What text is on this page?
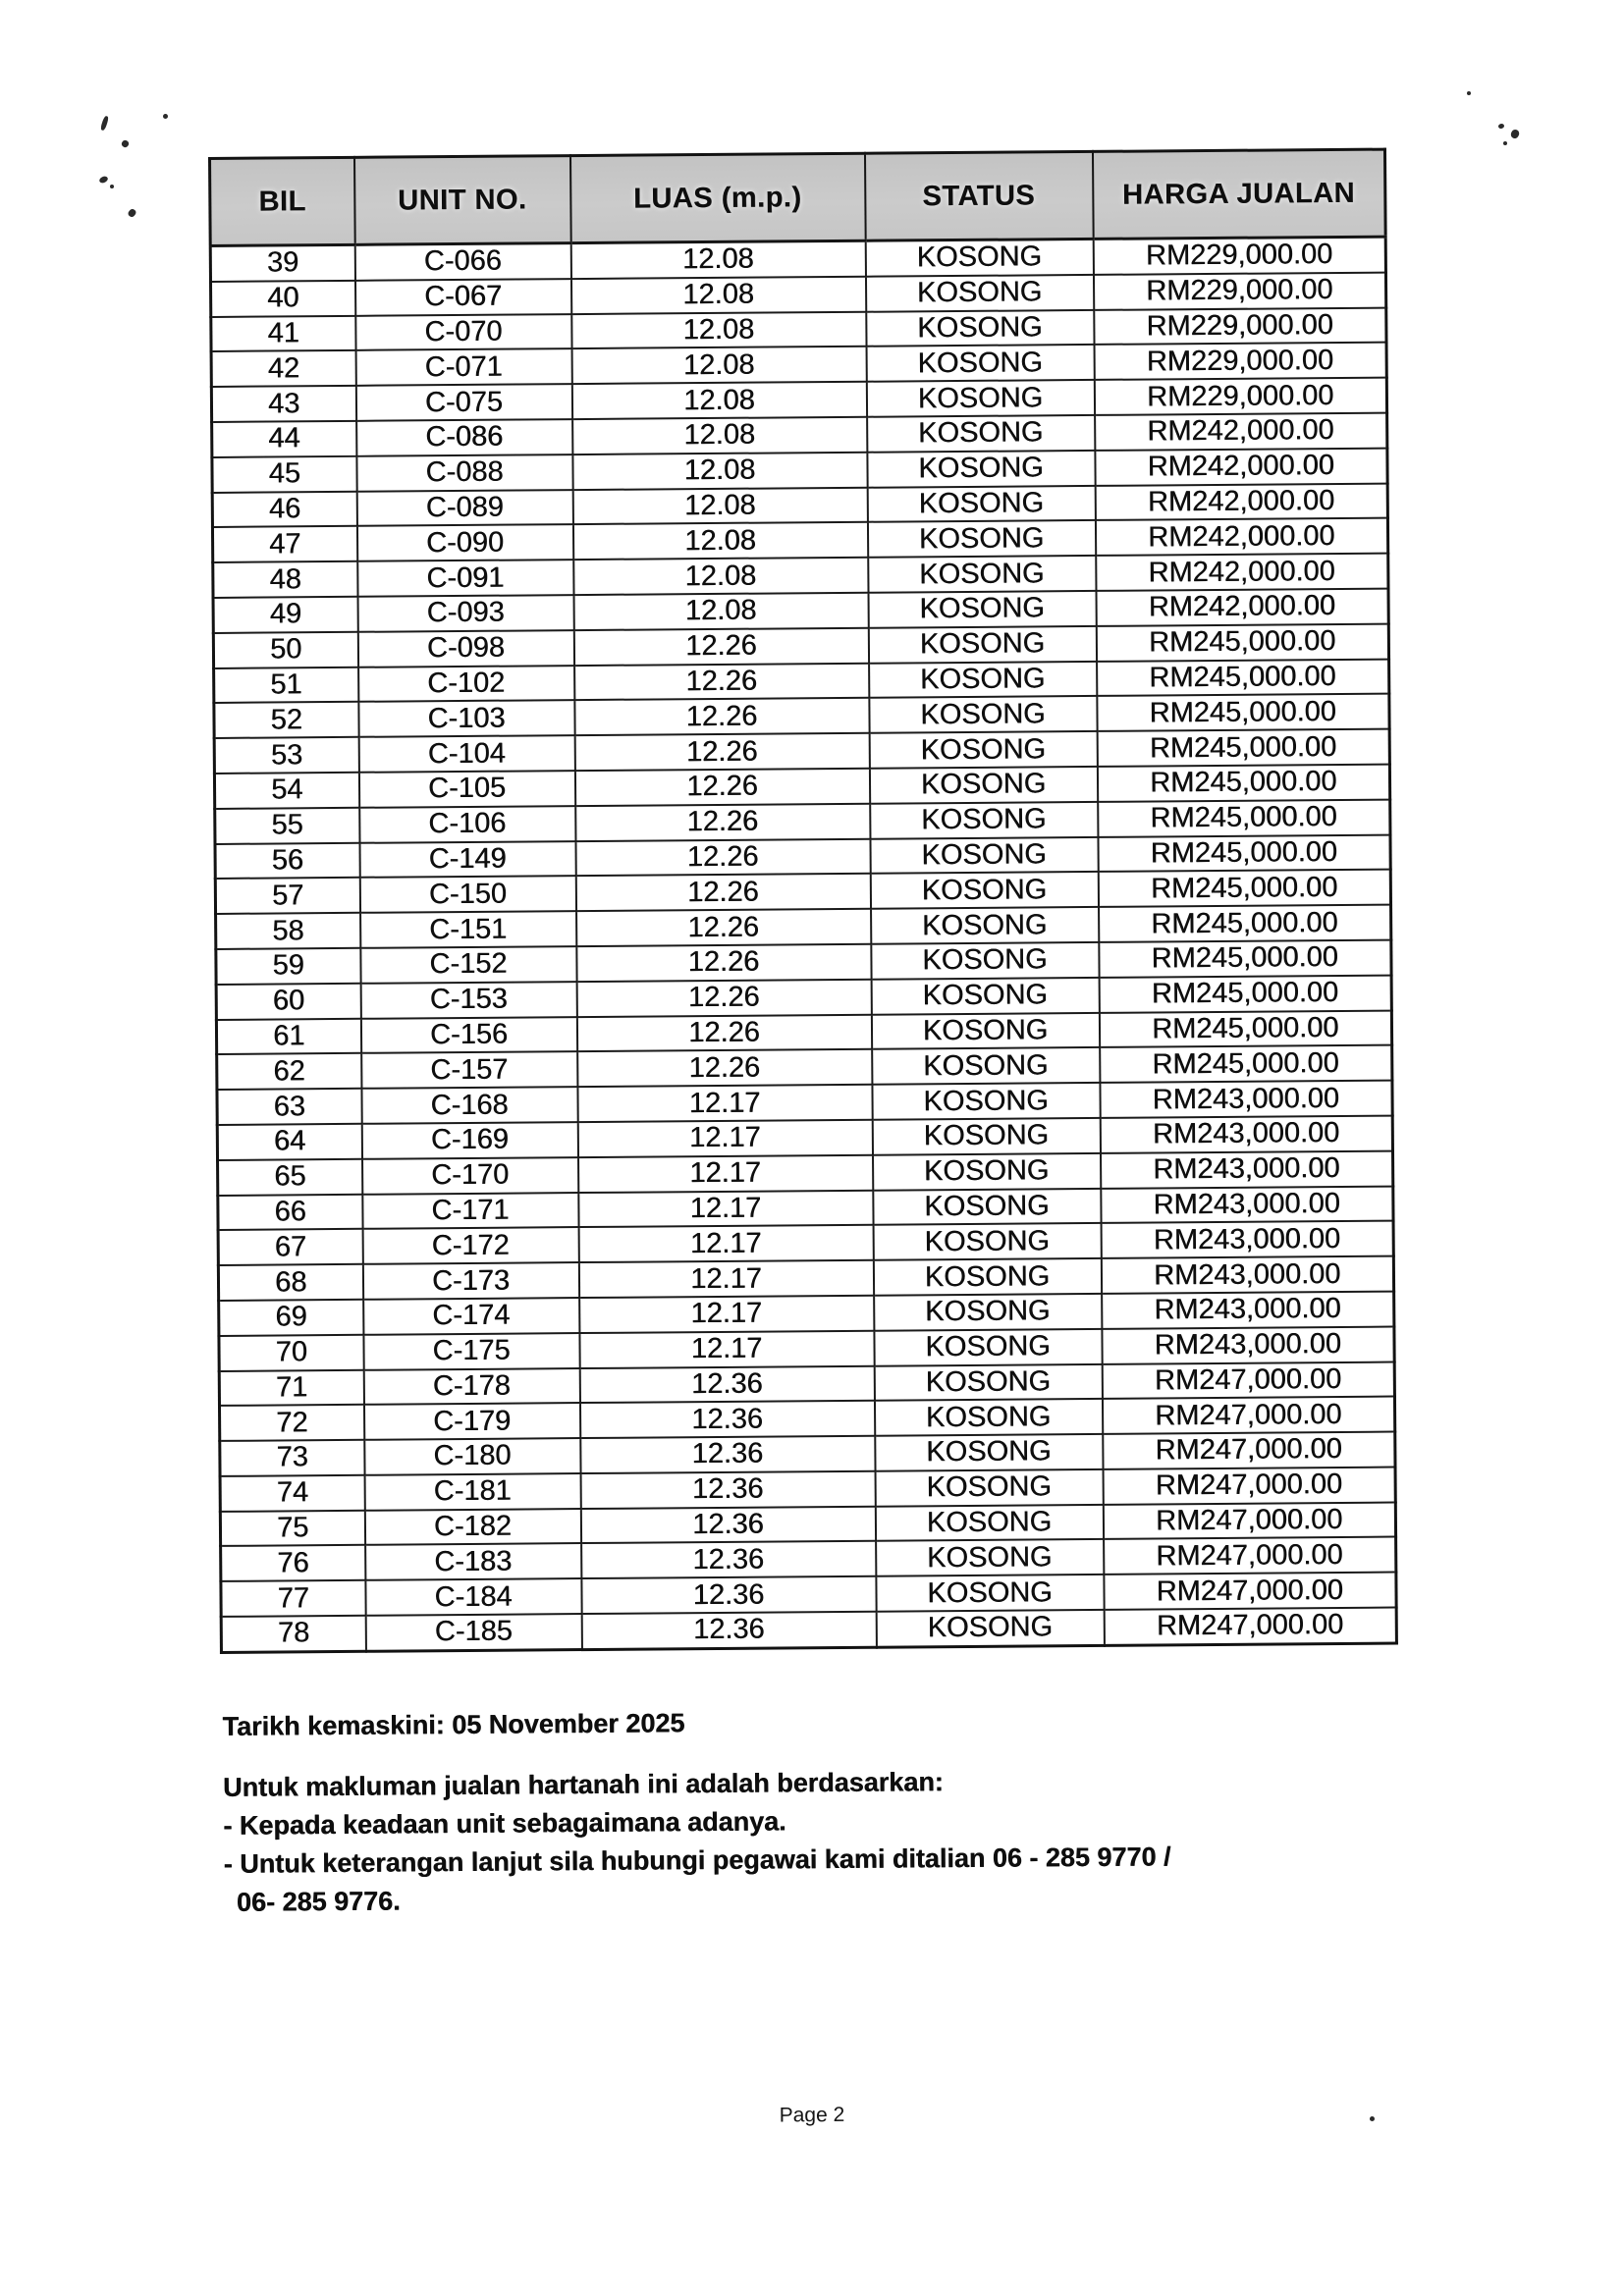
BIL	UNIT NO.	LUAS (m.p.)	STATUS	HARGA JUALAN
39	C-066	12.08	KOSONG	RM229,000.00
40	C-067	12.08	KOSONG	RM229,000.00
41	C-070	12.08	KOSONG	RM229,000.00
42	C-071	12.08	KOSONG	RM229,000.00
43	C-075	12.08	KOSONG	RM229,000.00
44	C-086	12.08	KOSONG	RM242,000.00
45	C-088	12.08	KOSONG	RM242,000.00
46	C-089	12.08	KOSONG	RM242,000.00
47	C-090	12.08	KOSONG	RM242,000.00
48	C-091	12.08	KOSONG	RM242,000.00
49	C-093	12.08	KOSONG	RM242,000.00
50	C-098	12.26	KOSONG	RM245,000.00
51	C-102	12.26	KOSONG	RM245,000.00
52	C-103	12.26	KOSONG	RM245,000.00
53	C-104	12.26	KOSONG	RM245,000.00
54	C-105	12.26	KOSONG	RM245,000.00
55	C-106	12.26	KOSONG	RM245,000.00
56	C-149	12.26	KOSONG	RM245,000.00
57	C-150	12.26	KOSONG	RM245,000.00
58	C-151	12.26	KOSONG	RM245,000.00
59	C-152	12.26	KOSONG	RM245,000.00
60	C-153	12.26	KOSONG	RM245,000.00
61	C-156	12.26	KOSONG	RM245,000.00
62	C-157	12.26	KOSONG	RM245,000.00
63	C-168	12.17	KOSONG	RM243,000.00
64	C-169	12.17	KOSONG	RM243,000.00
65	C-170	12.17	KOSONG	RM243,000.00
66	C-171	12.17	KOSONG	RM243,000.00
67	C-172	12.17	KOSONG	RM243,000.00
68	C-173	12.17	KOSONG	RM243,000.00
69	C-174	12.17	KOSONG	RM243,000.00
70	C-175	12.17	KOSONG	RM243,000.00
71	C-178	12.36	KOSONG	RM247,000.00
72	C-179	12.36	KOSONG	RM247,000.00
73	C-180	12.36	KOSONG	RM247,000.00
74	C-181	12.36	KOSONG	RM247,000.00
75	C-182	12.36	KOSONG	RM247,000.00
76	C-183	12.36	KOSONG	RM247,000.00
77	C-184	12.36	KOSONG	RM247,000.00
78	C-185	12.36	KOSONG	RM247,000.00

Tarikh kemaskini: 05 November 2025

Untuk makluman jualan hartanah ini adalah berdasarkan:

- Kepada keadaan unit sebagaimana adanya.

- Untuk keterangan lanjut sila hubungi pegawai kami ditalian 06 - 285 9770 /

06- 285 9776.

Page 2
